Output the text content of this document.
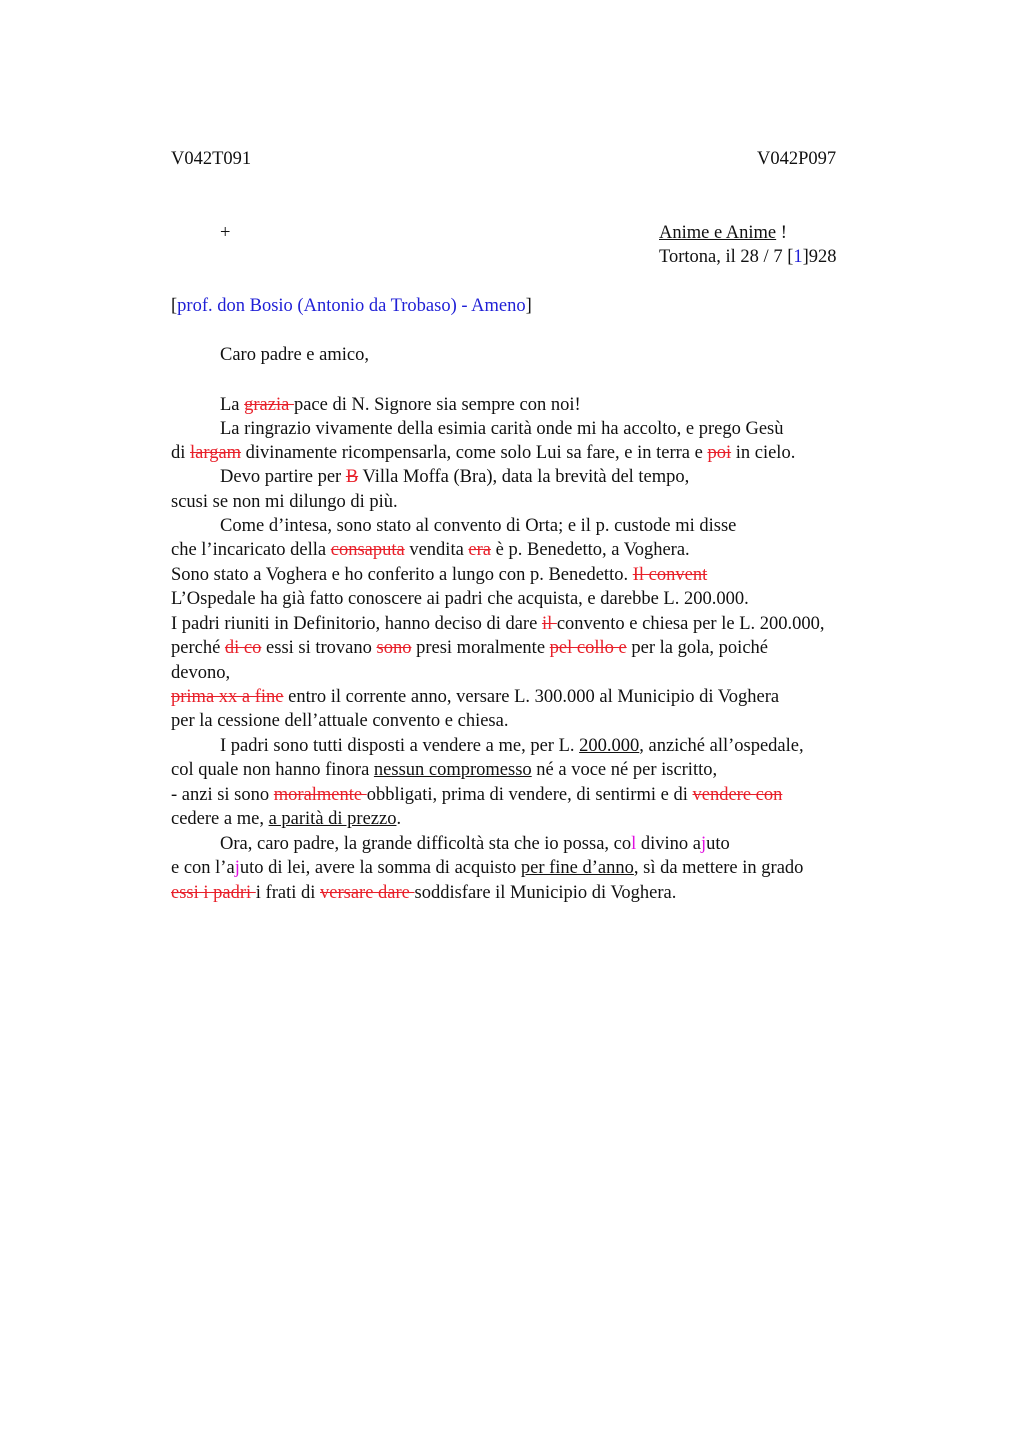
V042T091	V042P097
+	Anime e Anime !
Tortona, il 28 / 7 [1]928
[prof. don Bosio (Antonio da Trobaso) - Ameno]
Caro padre e amico,
La grazia pace di N. Signore sia sempre con noi!
La ringrazio vivamente della esimia carità onde mi ha accolto, e prego Gesù
di largam divinamente ricompensarla, come solo Lui sa fare, e in terra e poi in cielo.
Devo partire per B Villa Moffa (Bra), data la brevità del tempo,
scusi se non mi dilungo di più.
Come d’intesa, sono stato al convento di Orta; e il p. custode mi disse
che l’incaricato della consaputa vendita era è p. Benedetto, a Voghera.
Sono stato a Voghera e ho conferito a lungo con p. Benedetto. Il convent
L’Ospedale ha già fatto conoscere ai padri che acquista, e darebbe L. 200.000.
I padri riuniti in Definitorio, hanno deciso di dare il convento e chiesa per le L. 200.000,
perché di co essi si trovano sono presi moralmente pel collo e per la gola, poiché
devono,
prima xx a fine entro il corrente anno, versare L. 300.000 al Municipio di Voghera
per la cessione dell’attuale convento e chiesa.
I padri sono tutti disposti a vendere a me, per L. 200.000, anziché all’ospedale,
col quale non hanno finora nessun compromesso né a voce né per iscritto,
- anzi si sono moralmente obbligati, prima di vendere, di sentirmi e di vendere con
cedere a me, a parità di prezzo.
Ora, caro padre, la grande difficoltà sta che io possa, col divino ajuto
e con l’ajuto di lei, avere la somma di acquisto per fine d’anno, sì da mettere in grado
essi i padri i frati di versare dare soddisfare il Municipio di Voghera.
